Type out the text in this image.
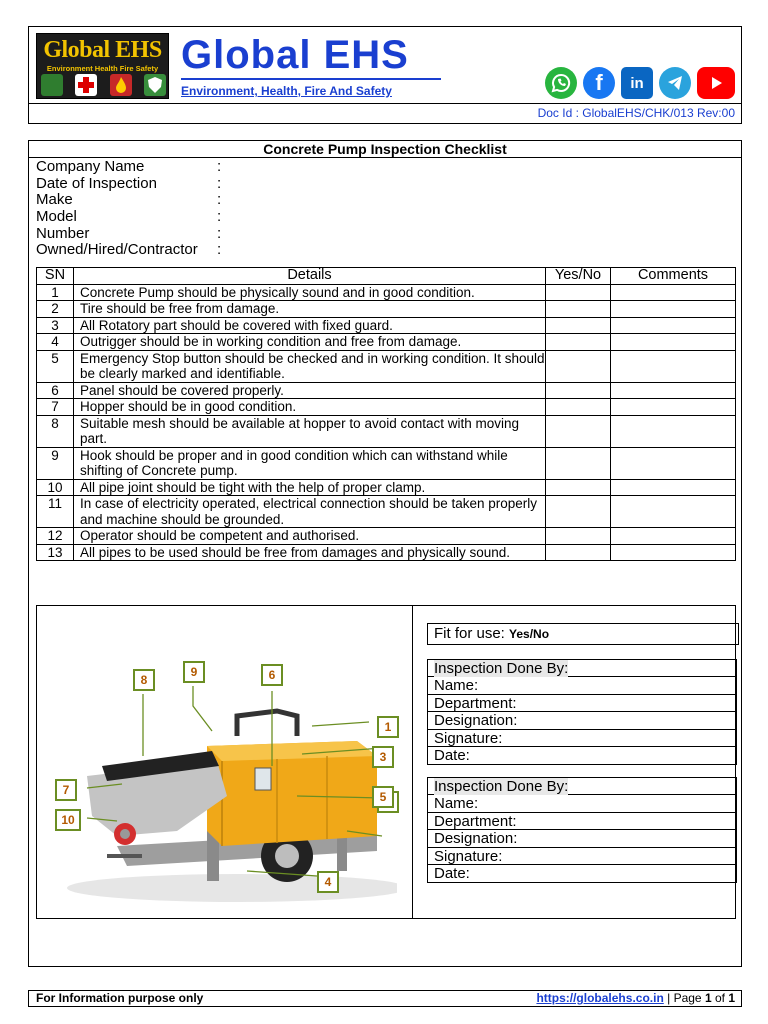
Global EHS
Environment Health Fire Safety Global EHS
Environment, Health, Fire And Safety	f	in
Doc Id : GlobalEHS/CHK/013 Rev:00
Concrete Pump Inspection Checklist
Company Name	:
Date of Inspection	:
Make	:
Model	:
Number	:
Owned/Hired/Contractor	:
SN	Details	Yes/No	Comments
1	Concrete Pump should be physically sound and in good condition.		
2	Tire should be free from damage.		
3	All Rotatory part should be covered with fixed guard.		
4	Outrigger should be in working condition and free from damage.		
5	Emergency Stop button should be checked and in working condition. It should be clearly marked and identifiable.		
6	Panel should be covered properly.		
7	Hopper should be in good condition.		
8	Suitable mesh should be available at hopper to avoid contact with moving part.		
9	Hook should be proper and in good condition which can withstand while shifting of Concrete pump.		
10	All pipe joint should be tight with the help of proper clamp.		
11	In case of electricity operated, electrical connection should be taken properly and machine should be grounded.		
12	Operator should be competent and authorised.		
13	All pipes to be used should be free from damages and physically sound.		
1
3
4
5
6
7
8
9
10
Fit for use: Yes/No
Inspection Done By:
Name:
Department:
Designation:
Signature:
Date:
Inspection Done By:
Name:
Department:
Designation:
Signature:
Date:
For Information purpose only	https://globalehs.co.in | Page 1 of 1
